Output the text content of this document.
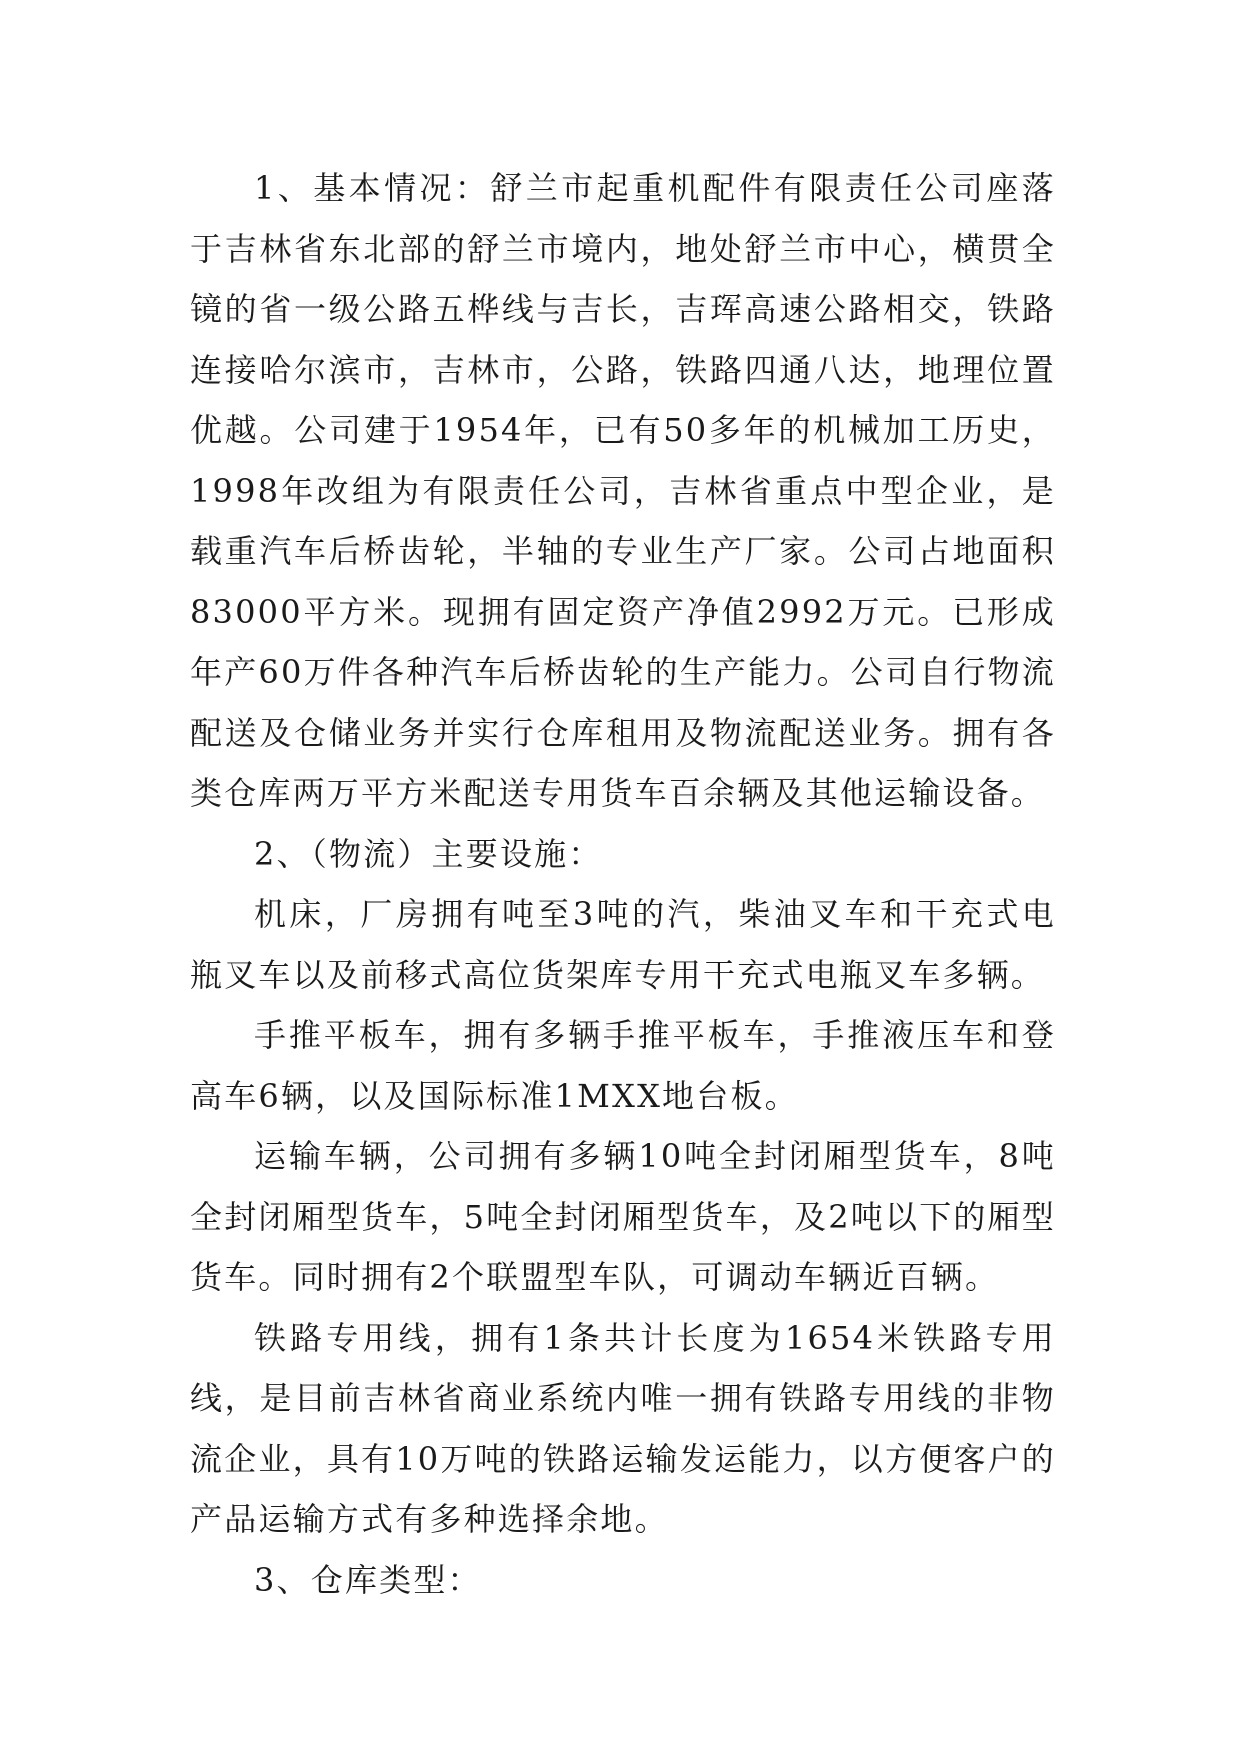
1、基本情况：舒兰市起重机配件有限责任公司座落于吉林省东北部的舒兰市境内，地处舒兰市中心，横贯全镜的省一级公路五桦线与吉长，吉珲高速公路相交，铁路连接哈尔滨市，吉林市，公路，铁路四通八达，地理位置优越。公司建于1954年，已有50多年的机械加工历史，1998年改组为有限责任公司，吉林省重点中型企业，是载重汽车后桥齿轮，半轴的专业生产厂家。公司占地面积83000平方米。现拥有固定资产净值2992万元。已形成年产60万件各种汽车后桥齿轮的生产能力。公司自行物流配送及仓储业务并实行仓库租用及物流配送业务。拥有各类仓库两万平方米配送专用货车百余辆及其他运输设备。

2、（物流）主要设施：

机床，厂房拥有吨至3吨的汽，柴油叉车和干充式电瓶叉车以及前移式高位货架库专用干充式电瓶叉车多辆。

手推平板车，拥有多辆手推平板车，手推液压车和登高车6辆，以及国际标准1MXX地台板。

运输车辆，公司拥有多辆10吨全封闭厢型货车，8吨全封闭厢型货车，5吨全封闭厢型货车，及2吨以下的厢型货车。同时拥有2个联盟型车队，可调动车辆近百辆。

铁路专用线，拥有1条共计长度为1654米铁路专用线，是目前吉林省商业系统内唯一拥有铁路专用线的非物流企业，具有10万吨的铁路运输发运能力，以方便客户的产品运输方式有多种选择余地。

3、仓库类型：
